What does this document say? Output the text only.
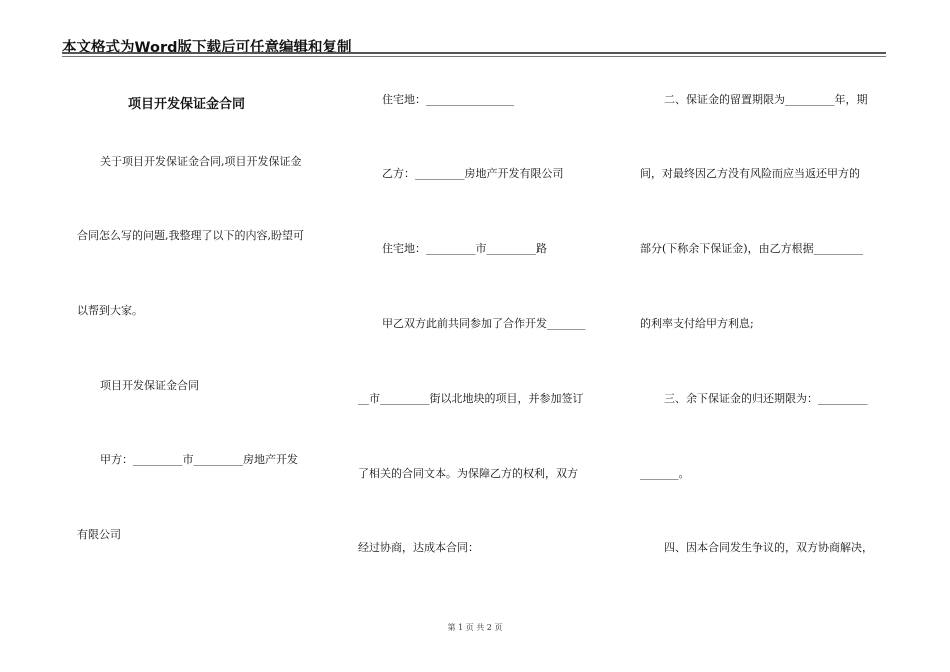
本文格式为Word版下载后可任意编辑和复制
项目开发保证金合同
关于项目开发保证金合同,项目开发保证金
合同怎么写的问题,我整理了以下的内容,盼望可
以帮到大家。
项目开发保证金合同
甲方：_________市_________房地产开发
有限公司
住宅地：________________
乙方：_________房地产开发有限公司
住宅地：_________市_________路
甲乙双方此前共同参加了合作开发_______
__市_________街以北地块的项目，并参加签订
了相关的合同文本。为保障乙方的权利，双方
经过协商，达成本合同：
二、保证金的留置期限为_________年，期
间，对最终因乙方没有风险而应当返还甲方的
部分(下称余下保证金)，由乙方根据_________
的利率支付给甲方利息;
三、余下保证金的归还期限为：_________
_______。
四、因本合同发生争议的，双方协商解决，
第 1 页 共 2 页
